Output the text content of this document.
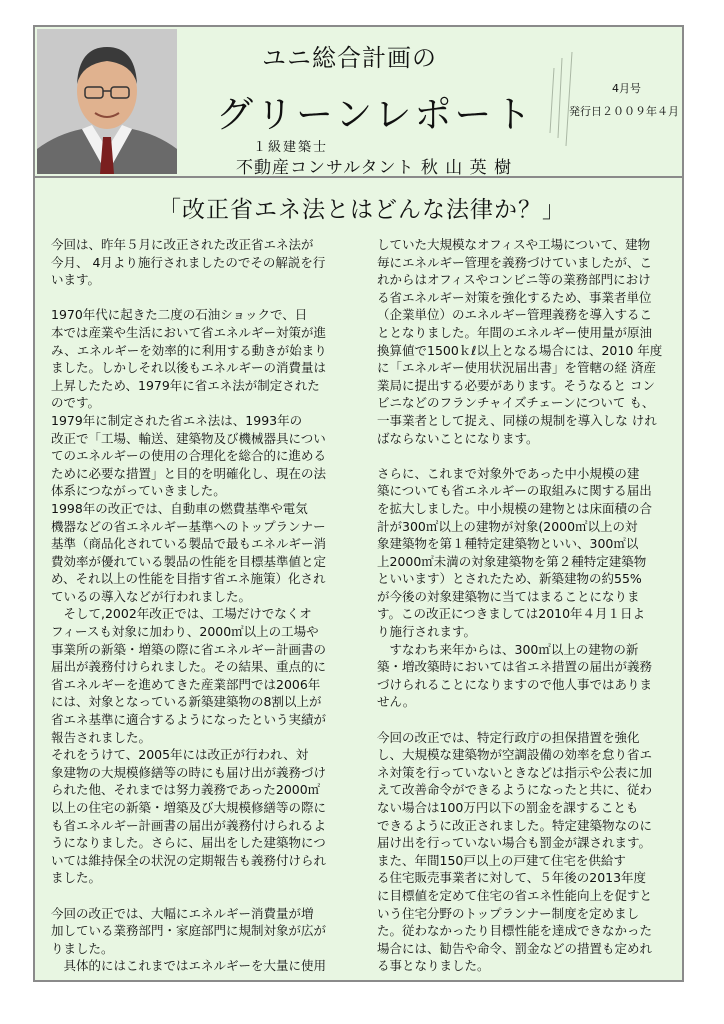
ユニ総合計画の
グリーンレポート
１級建築士
不動産コンサルタント 秋 山 英 樹
4月号
発行日２００９年４月
「改正省エネ法とはどんな法律か？」
今回は、昨年５月に改正された改正省エネ法が
今月、 4月より施行されましたのでその解説を行
います。
1970年代に起きた二度の石油ショックで、日
本では産業や生活において省エネルギー対策が進
み、エネルギーを効率的に利用する動きが始まり
ました。しかしそれ以後もエネルギーの消費量は
上昇したため、1979年に省エネ法が制定された
のです。
1979年に制定された省エネ法は、1993年の
改正で「工場、輸送、建築物及び機械器具につい
てのエネルギーの使用の合理化を総合的に進める
ために必要な措置」と目的を明確化し、現在の法
体系につながっていきました。
1998年の改正では、自動車の燃費基準や電気
機器などの省エネルギー基準へのトップランナー
基準（商品化されている製品で最もエネルギー消
費効率が優れている製品の性能を目標基準値と定
め、それ以上の性能を目指す省エネ施策）化され
ているの導入などが行われました。
　そして,2002年改正では、工場だけでなくオ
フィースも対象に加わり、2000㎡以上の工場や
事業所の新築・増築の際に省エネルギー計画書の
届出が義務付けられました。その結果、重点的に
省エネルギーを進めてきた産業部門では2006年
には、対象となっている新築建築物の8割以上が
省エネ基準に適合するようになったという実績が
報告されました。
それをうけて、2005年には改正が行われ、対
象建物の大規模修繕等の時にも届け出が義務づけ
られた他、それまでは努力義務であった2000㎡
以上の住宅の新築・増築及び大規模修繕等の際に
も省エネルギー計画書の届出が義務付けられるよ
うになりました。さらに、届出をした建築物につ
いては維持保全の状況の定期報告も義務付けられ
ました。
今回の改正では、大幅にエネルギー消費量が増
加している業務部門・家庭部門に規制対象が広が
りました。
　具体的にはこれまではエネルギーを大量に使用
していた大規模なオフィスや工場について、建物
毎にエネルギー管理を義務づけていましたが、こ
れからはオフィスやコンビニ等の業務部門におけ
る省エネルギー対策を強化するため、事業者単位
（企業単位）のエネルギー管理義務を導入するこ
ととなりました。年間のエネルギー使用量が原油
換算値で1500ｋℓ以上となる場合には、2010 年度
に「エネルギー使用状況届出書」を管轄の経 済産
業局に提出する必要があります。そうなると コン
ビニなどのフランチャイズチェーンについて も、
一事業者として捉え、同様の規制を導入しな けれ
ばならないことになります。
さらに、これまで対象外であった中小規模の建
築についても省エネルギーの取組みに関する届出
を拡大しました。中小規模の建物とは床面積の合
計が300㎡以上の建物が対象(2000㎡以上の対
象建築物を第１種特定建築物といい、300㎡以
上2000㎡未満の対象建築物を第２種特定建築物
といいます）とされたため、新築建物の約55%
が今後の対象建築物に当てはまることになりま
す。この改正につきましては2010年４月１日よ
り施行されます。
　すなわち来年からは、300㎡以上の建物の新
築・増改築時においては省エネ措置の届出が義務
づけられることになりますので他人事ではありま
せん。
今回の改正では、特定行政庁の担保措置を強化
し、大規模な建築物が空調設備の効率を怠り省エ
ネ対策を行っていないときなどは指示や公表に加
えて改善命令ができるようになったと共に、従わ
ない場合は100万円以下の罰金を課することも
できるように改正されました。特定建築物なのに
届け出を行っていない場合も罰金が課されます。
また、年間150戸以上の戸建て住宅を供給す
る住宅販売事業者に対して、５年後の2013年度
に目標値を定めて住宅の省エネ性能向上を促すと
いう住宅分野のトップランナー制度を定めまし
た。従わなかったり目標性能を達成できなかった
場合には、勧告や命令、罰金などの措置も定めれ
る事となりました。
